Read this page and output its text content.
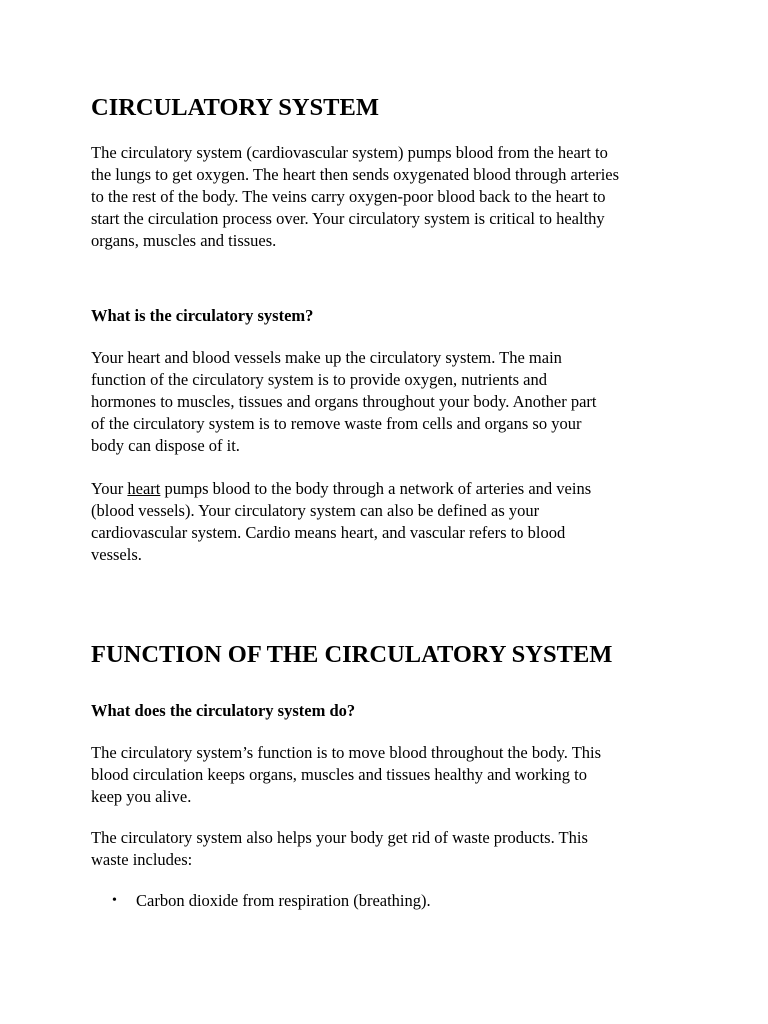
CIRCULATORY SYSTEM
The circulatory system (cardiovascular system) pumps blood from the heart to
the lungs to get oxygen. The heart then sends oxygenated blood through arteries
to the rest of the body. The veins carry oxygen-poor blood back to the heart to
start the circulation process over. Your circulatory system is critical to healthy
organs, muscles and tissues.
What is the circulatory system?
Your heart and blood vessels make up the circulatory system. The main
function of the circulatory system is to provide oxygen, nutrients and
hormones to muscles, tissues and organs throughout your body. Another part
of the circulatory system is to remove waste from cells and organs so your
body can dispose of it.
Your heart pumps blood to the body through a network of arteries and veins
(blood vessels). Your circulatory system can also be defined as your
cardiovascular system. Cardio means heart, and vascular refers to blood
vessels.
FUNCTION OF THE CIRCULATORY SYSTEM
What does the circulatory system do?
The circulatory system’s function is to move blood throughout the body. This
blood circulation keeps organs, muscles and tissues healthy and working to
keep you alive.
The circulatory system also helps your body get rid of waste products. This
waste includes:
• Carbon dioxide from respiration (breathing).
